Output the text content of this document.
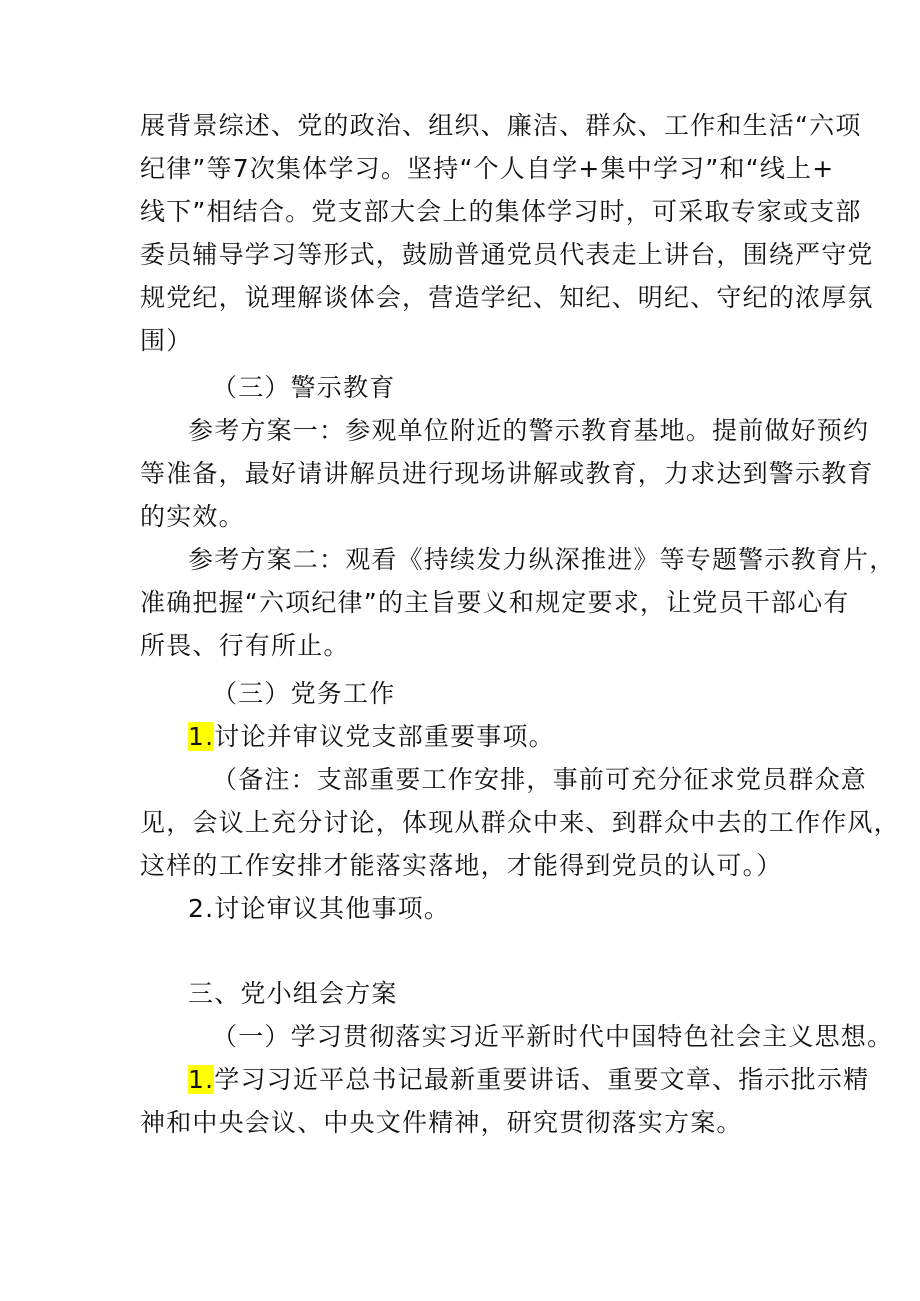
展背景综述、党的政治、组织、廉洁、群众、工作和生活“六项
纪律”等7次集体学习。坚持“个人自学+集中学习”和“线上+
线下”相结合。党支部大会上的集体学习时，可采取专家或支部
委员辅导学习等形式，鼓励普通党员代表走上讲台，围绕严守党
规党纪，说理解谈体会，营造学纪、知纪、明纪、守纪的浓厚氛
围）
（三）警示教育
参考方案一：参观单位附近的警示教育基地。提前做好预约
等准备，最好请讲解员进行现场讲解或教育，力求达到警示教育
的实效。
参考方案二：观看《持续发力纵深推进》等专题警示教育片，
准确把握“六项纪律”的主旨要义和规定要求，让党员干部心有
所畏、行有所止。
（三）党务工作
1.讨论并审议党支部重要事项。
（备注：支部重要工作安排，事前可充分征求党员群众意
见，会议上充分讨论，体现从群众中来、到群众中去的工作作风，
这样的工作安排才能落实落地，才能得到党员的认可。）
2.讨论审议其他事项。
三、党小组会方案
（一）学习贯彻落实习近平新时代中国特色社会主义思想。
1.学习习近平总书记最新重要讲话、重要文章、指示批示精
神和中央会议、中央文件精神，研究贯彻落实方案。
